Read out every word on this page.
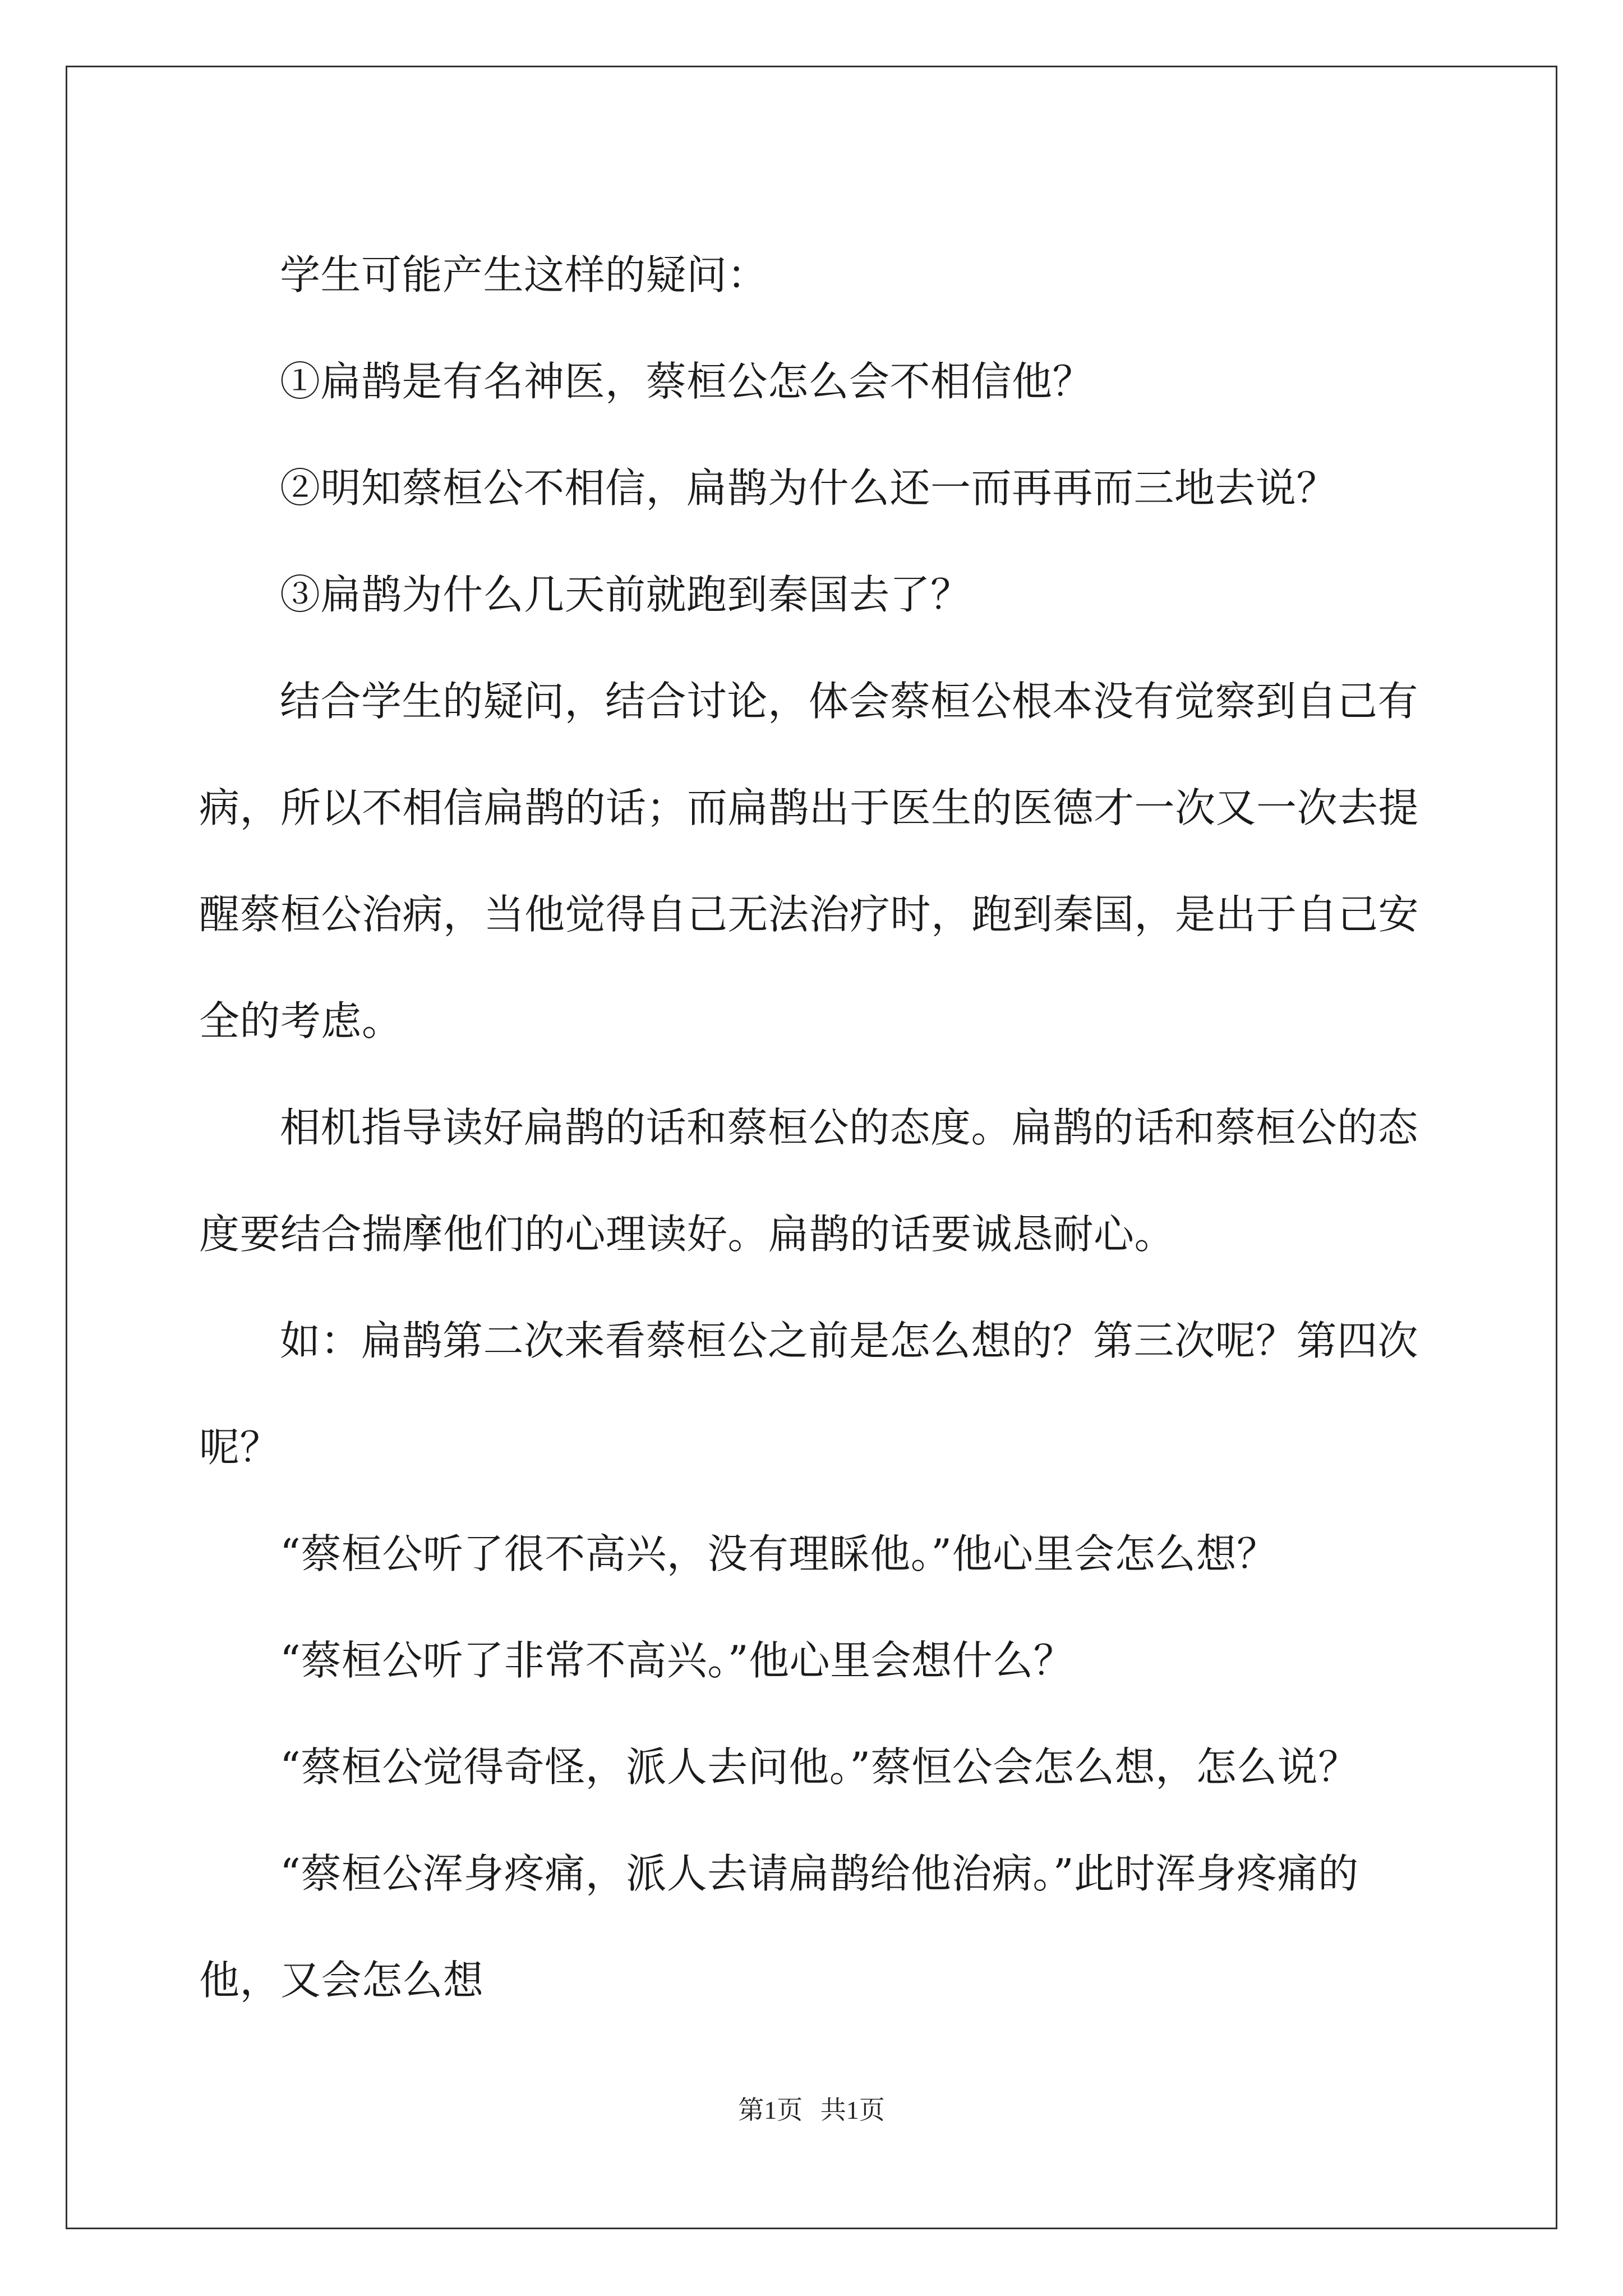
学生可能产生这样的疑问：

①扁鹊是有名神医，蔡桓公怎么会不相信他？

②明知蔡桓公不相信，扁鹊为什么还一而再再而三地去说？

③扁鹊为什么几天前就跑到秦国去了？

结合学生的疑问，结合讨论，体会蔡桓公根本没有觉察到自己有病，所以不相信扁鹊的话；而扁鹊出于医生的医德才一次又一次去提醒蔡桓公治病，当他觉得自己无法治疗时，跑到秦国，是出于自己安全的考虑。

相机指导读好扁鹊的话和蔡桓公的态度。扁鹊的话和蔡桓公的态度要结合揣摩他们的心理读好。扁鹊的话要诚恳耐心。

如：扁鹊第二次来看蔡桓公之前是怎么想的？第三次呢？第四次呢？

“蔡桓公听了很不高兴，没有理睬他。”他心里会怎么想？

“蔡桓公听了非常不高兴。”他心里会想什么？

“蔡桓公觉得奇怪，派人去问他。”蔡恒公会怎么想，怎么说？

“蔡桓公浑身疼痛，派人去请扁鹊给他治病。”此时浑身疼痛的他，又会怎么想

第1页 共1页
